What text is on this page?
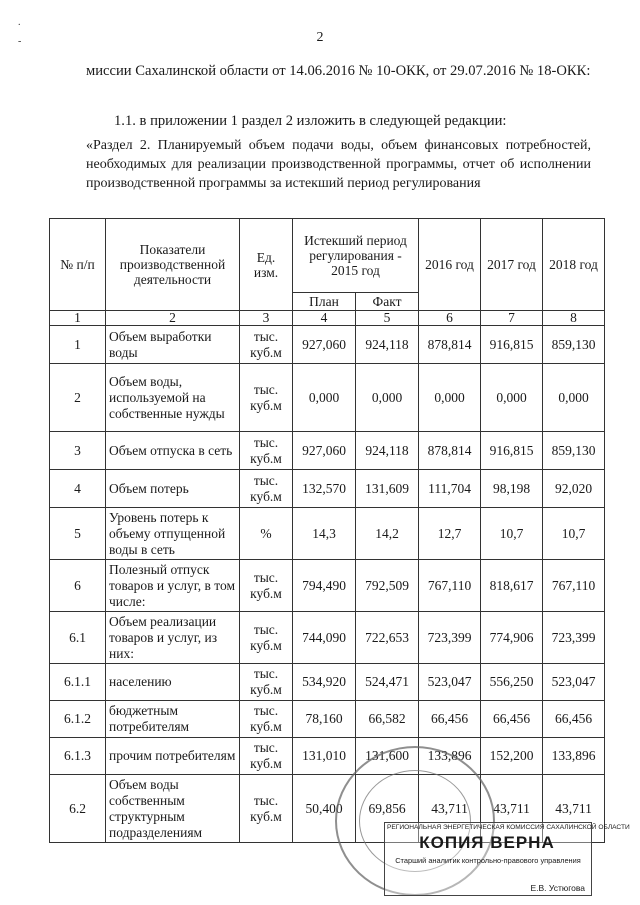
2
.
-

миссии Сахалинской области от 14.06.2016 № 10-ОКК, от 29.07.2016 № 18-ОКК:

1.1. в приложении 1 раздел 2 изложить в следующей редакции:

«Раздел 2. Планируемый объем подачи воды, объем финансовых потребностей, необходимых для реализации производственной программы, отчет об исполнении производственной программы за истекший период регулирования

№ п/п	Показатели производственной деятельности	Ед. изм.	Истекший период регулирования - 2015 год		2016 год	2017 год	2018 год
			План	Факт			
1	2	3	4	5	6	7	8
1	Объем выработки воды	тыс. куб.м	927,060	924,118	878,814	916,815	859,130
2	Объем воды, используемой на собственные нужды	тыс. куб.м	0,000	0,000	0,000	0,000	0,000
3	Объем отпуска в сеть	тыс. куб.м	927,060	924,118	878,814	916,815	859,130
4	Объем потерь	тыс. куб.м	132,570	131,609	111,704	98,198	92,020
5	Уровень потерь к объему отпущенной воды в сеть	%	14,3	14,2	12,7	10,7	10,7
6	Полезный отпуск товаров и услуг, в том числе:	тыс. куб.м	794,490	792,509	767,110	818,617	767,110
6.1	Объем реализации товаров и услуг, из них:	тыс. куб.м	744,090	722,653	723,399	774,906	723,399
6.1.1	населению	тыс. куб.м	534,920	524,471	523,047	556,250	523,047
6.1.2	бюджетным потребителям	тыс. куб.м	78,160	66,582	66,456	66,456	66,456
6.1.3	прочим потребителям	тыс. куб.м	131,010	131,600	133,896	152,200	133,896
6.2	Объем воды собственным структурным подразделениям	тыс. куб.м	50,400	69,856	43,711	43,711	43,711
РЕГИОНАЛЬНАЯ ЭНЕРГЕТИЧЕСКАЯ КОМИССИЯ САХАЛИНСКОЙ ОБЛАСТИ
КОПИЯ ВЕРНА
Старший аналитик контрольно-правового управления
Е.В. Устюгова
